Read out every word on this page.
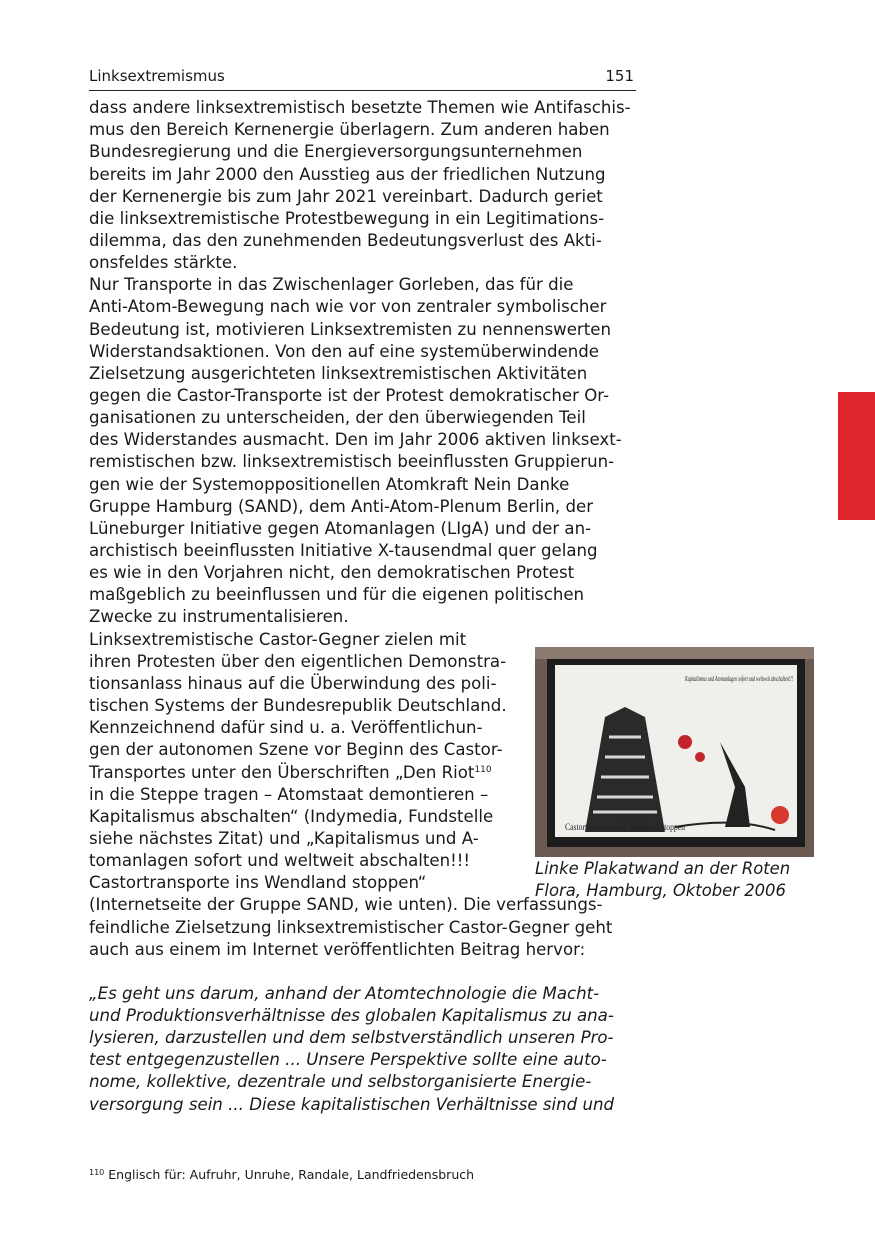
Linksextremismus	151
dass andere linksextremistisch besetzte Themen wie Antifaschis-
mus den Bereich Kernenergie überlagern. Zum anderen haben
Bundesregierung und die Energieversorgungsunternehmen
bereits im Jahr 2000 den Ausstieg aus der friedlichen Nutzung
der Kernenergie bis zum Jahr 2021 vereinbart. Dadurch geriet
die linksextremistische Protestbewegung in ein Legitimations-
dilemma, das den zunehmenden Bedeutungsverlust des Akti-
onsfeldes stärkte.
Nur Transporte in das Zwischenlager Gorleben, das für die
Anti-Atom-Bewegung nach wie vor von zentraler symbolischer
Bedeutung ist, motivieren Linksextremisten zu nennenswerten
Widerstandsaktionen. Von den auf eine systemüberwindende
Zielsetzung ausgerichteten linksextremistischen Aktivitäten
gegen die Castor-Transporte ist der Protest demokratischer Or-
ganisationen zu unterscheiden, der den überwiegenden Teil
des Widerstandes ausmacht. Den im Jahr 2006 aktiven linksext-
remistischen bzw. linksextremistisch beeinflussten Gruppierun-
gen wie der Systemoppositionellen Atomkraft Nein Danke
Gruppe Hamburg (SAND), dem Anti-Atom-Plenum Berlin, der
Lüneburger Initiative gegen Atomanlagen (LIgA) und der an-
archistisch beeinflussten Initiative X-tausendmal quer gelang
es wie in den Vorjahren nicht, den demokratischen Protest
maßgeblich zu beeinflussen und für die eigenen politischen
Zwecke zu instrumentalisieren.
Linksextremistische Castor-Gegner zielen mit
ihren Protesten über den eigentlichen Demonstra-
tionsanlass hinaus auf die Überwindung des poli-
tischen Systems der Bundesrepublik Deutschland.
Kennzeichnend dafür sind u. a. Veröffentlichun-
gen der autonomen Szene vor Beginn des Castor-
Transportes unter den Überschriften „Den Riot$^{110}$
in die Steppe tragen – Atomstaat demontieren –
Kapitalismus abschalten“ (Indymedia, Fundstelle
siehe nächstes Zitat) und „Kapitalismus und A-
tomanlagen sofort und weltweit abschalten!!!
Castortransporte ins Wendland stoppen“
(Internetseite der Gruppe SAND, wie unten). Die verfassungs-
feindliche Zielsetzung linksextremistischer Castor-Gegner geht
auch aus einem im Internet veröffentlichten Beitrag hervor:
„Es geht uns darum, anhand der Atomtechnologie die Macht-
und Produktionsverhältnisse des globalen Kapitalismus zu ana-
lysieren, darzustellen und dem selbstverständlich unseren Pro-
test entgegenzustellen ... Unsere Perspektive sollte eine auto-
nome, kollektive, dezentrale und selbstorganisierte Energie-
versorgung sein ... Diese kapitalistischen Verhältnisse sind und
Kapitalismus und Atomanlagen sofort und weltweit abschalten!!!
Castortransporte ins Wendland stoppen
Linke Plakatwand an der Roten
Flora, Hamburg, Oktober 2006
$^{110}$ Englisch für: Aufruhr, Unruhe, Randale, Landfriedensbruch
